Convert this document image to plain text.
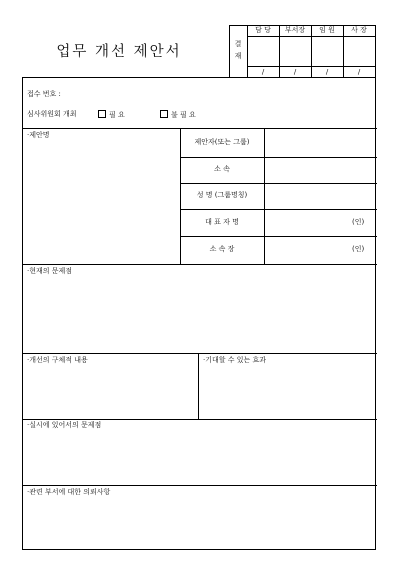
업무 개선 제안서	결
재
담 당	부서장	임 원	사 장
/	/	/	/
접수 번호 :
심사위원회 개최	필 요	불 필 요
·제안명
제안자(또는 그룹)
소 속
성 명 (그룹명칭)
대 표 자 명	(인)
소 속 장	(인)
·현재의 문제점
·개선의 구체적 내용	·기대할 수 있는 효과
·실시에 있어서의 문제점
·관련 부서에 대한 의뢰사항
